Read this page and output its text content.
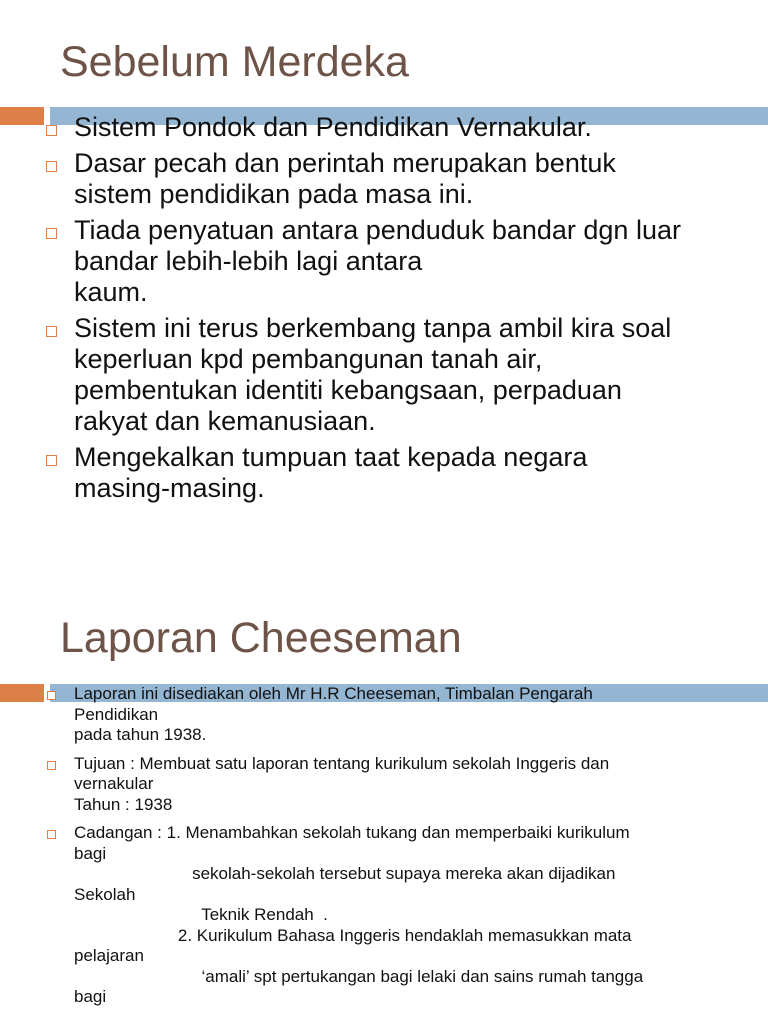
Sebelum Merdeka
Sistem Pondok dan Pendidikan Vernakular.
Dasar pecah dan perintah merupakan bentuk
sistem pendidikan pada masa ini.
Tiada penyatuan antara penduduk bandar dgn luar
bandar lebih-lebih lagi antara
kaum.
Sistem ini terus berkembang tanpa ambil kira soal
keperluan kpd pembangunan tanah air,
pembentukan identiti kebangsaan, perpaduan
rakyat dan kemanusiaan.
Mengekalkan tumpuan taat kepada negara
masing-masing.
Laporan Cheeseman
Laporan ini disediakan oleh Mr H.R Cheeseman, Timbalan Pengarah
Pendidikan
pada tahun 1938.
Tujuan : Membuat satu laporan tentang kurikulum sekolah Inggeris dan
vernakular
Tahun : 1938
Cadangan : 1. Menambahkan sekolah tukang dan memperbaiki kurikulum
bagi
sekolah-sekolah tersebut supaya mereka akan dijadikan
Sekolah
Teknik Rendah  .
2. Kurikulum Bahasa Inggeris hendaklah memasukkan mata
pelajaran
‘amali’ spt pertukangan bagi lelaki dan sains rumah tangga
bagi
